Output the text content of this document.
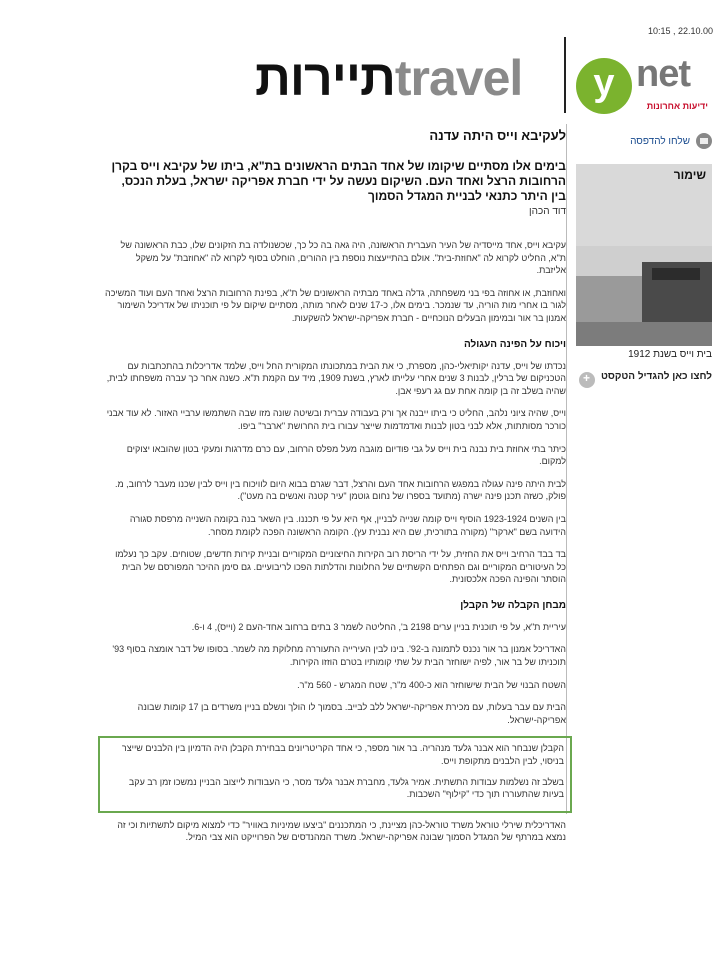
10:15 , 22.10.00
תיירותtravel	y net
ידיעות אחרונות
לעקיבא וייס היתה עדנה
בימים אלו מסתיים שיקומו של אחד הבתים הראשונים בת"א, ביתו של עקיבא וייס בקרן הרחובות הרצל ואחד העם. השיקום נעשה על ידי חברת אפריקה ישראל, בעלת הנכס, בין היתר כתנאי לבניית המגדל הסמוך
דוד הכהן
עקיבא וייס, אחד מייסדיה של העיר העברית הראשונה, היה גאה בה כל כך, שכשנולדה בת הזקונים שלו, כבת הראשונה של ת"א, החליט לקרוא לה "אחוזת-בית". אולם בהתייעצות נוספת בין ההורים, הוחלט בסוף לקרוא לה "אחוזבת" על משקל אליזבת.
ואחוזבת, או אחוזה בפי בני משפחתה, גדלה באחד מבתיה הראשונים של ת"א, בפינת הרחובות הרצל ואחד העם ועוד המשיכה לגור בו אחרי מות הוריה, עד שנמכר. בימים אלו, כ-17 שנים לאחר מותה, מסתיים שיקום על פי תוכניתו של אדריכל השימור אמנון בר אור ובמימון הבעלים הנוכחיים - חברת אפריקה-ישראל להשקעות.
ויכוח על הפינה העגולה
נכדתו של וייס, עדנה יקותיאלי-כהן, מספרת, כי את הבית במתכונתו המקורית החל וייס, שלמד אדריכלות בהתכתבות עם הטכניקום של ברלין, לבנות 3 שנים אחרי עלייתו לארץ, בשנת 1909, מיד עם הקמת ת"א. כשנה אחר כך עברה משפחתו לבית, שהיה בשלב זה בן קומה אחת עם גג רעפי אבן.
וייס, שהיה ציוני נלהב, החליט כי ביתו ייבנה אך ורק בעבודה עברית ובשיטה שונה מזו שבה השתמשו ערביי האזור. לא עוד אבני כורכר מסותתות, אלא לבני בטון לבנות ואדמדמות שייצר עבורו בית החרושת "ארבר" ביפו.
כיתר בתי אחוזת בית נבנה בית וייס על גבי פודיום מוגבה מעל מפלס הרחוב, עם כרם מדרגות ומעקי בטון שהובאו יצוקים למקום.
לבית היתה פינה עגולה במפגש הרחובות אחד העם והרצל, דבר שגרם בבוא היום לוויכוח בין וייס לבין שכנו מעבר לרחוב, מ. פולק, כשזה תכנן פינה ישרה (מתועד בספרו של נחום גוטמן "עיר קטנה ואנשים בה מעט").
בין השנים 1923-1924 הוסיף וייס קומה שנייה לבניין, אף היא על פי תכננו. בין השאר בנה בקומה השנייה מרפסת סגורה הידועה בשם "ארקר" (מקורה בתורכית, שם היא נבנית עץ). הקומה הראשונה הפכה לקומת מסחר.
בד בבד הרחיב וייס את החזית, על ידי הריסת רוב הקירות החיצוניים המקוריים ובניית קירות חדשים, שטוחים. עקב כך נעלמו כל העיטורים המקוריים וגם הפתחים הקשתיים של החלונות והדלתות הפכו לריבועיים. גם סימן ההיכר המפורסם של הבית הוסתר והפינה הפכה אלכסונית.
מבחן הקבלה של הקבלן
עיריית ת"א, על פי תוכנית בניין ערים 2198 ב', החליטה לשמר 3 בתים ברחוב אחד-העם 2 (וייס), 4 ו-6.
האדריכל אמנון בר אור נכנס לתמונה ב-92'. בינו לבין העירייה התעוררה מחלוקת מה לשמר. בסופו של דבר אומצה בסוף 93' תוכניתו של בר אור, לפיה ישוחזר הבית על שתי קומותיו בטרם הוזזו הקירות.
השטח הבנוי של הבית שישוחזר הוא כ-400 מ"ר, שטח המגרש - 560 מ"ר.
הבית עם עבר בעלות, עם מכירת אפריקה-ישראל ללב לבייב. בסמוך לו הולך ונשלם בניין משרדים בן 17 קומות שבונה אפריקה-ישראל.
הקבלן שנבחר הוא אבנר גלעד מנהריה. בר אור מספר, כי אחד הקריטריונים בבחירת הקבלן היה הדמיון בין הלבנים שייצר בניסוי, לבין הלבנים מתקופת וייס.
בשלב זה נשלמות עבודות התשתית. אמיר גלעד, מחברת אבנר גלעד מסר, כי העבודות לייצוב הבניין נמשכו זמן רב עקב בעיות שהתעוררו תוך כדי "קילוף" השכבות.
האדריכלית שירלי טוראל משרד טוראל-כהן מציינת, כי המתכננים "ביצעו שמיניות באוויר" כדי למצוא מיקום לתשתיות וכי זה נמצא במרתף של המגדל הסמוך שבונה אפריקה-ישראל. משרד המהנדסים של הפרוייקט הוא צבי המיל.
שלחו להדפסה
שימור
בית וייס בשנת 1912
לחצו כאן להגדיל הטקסט
+
